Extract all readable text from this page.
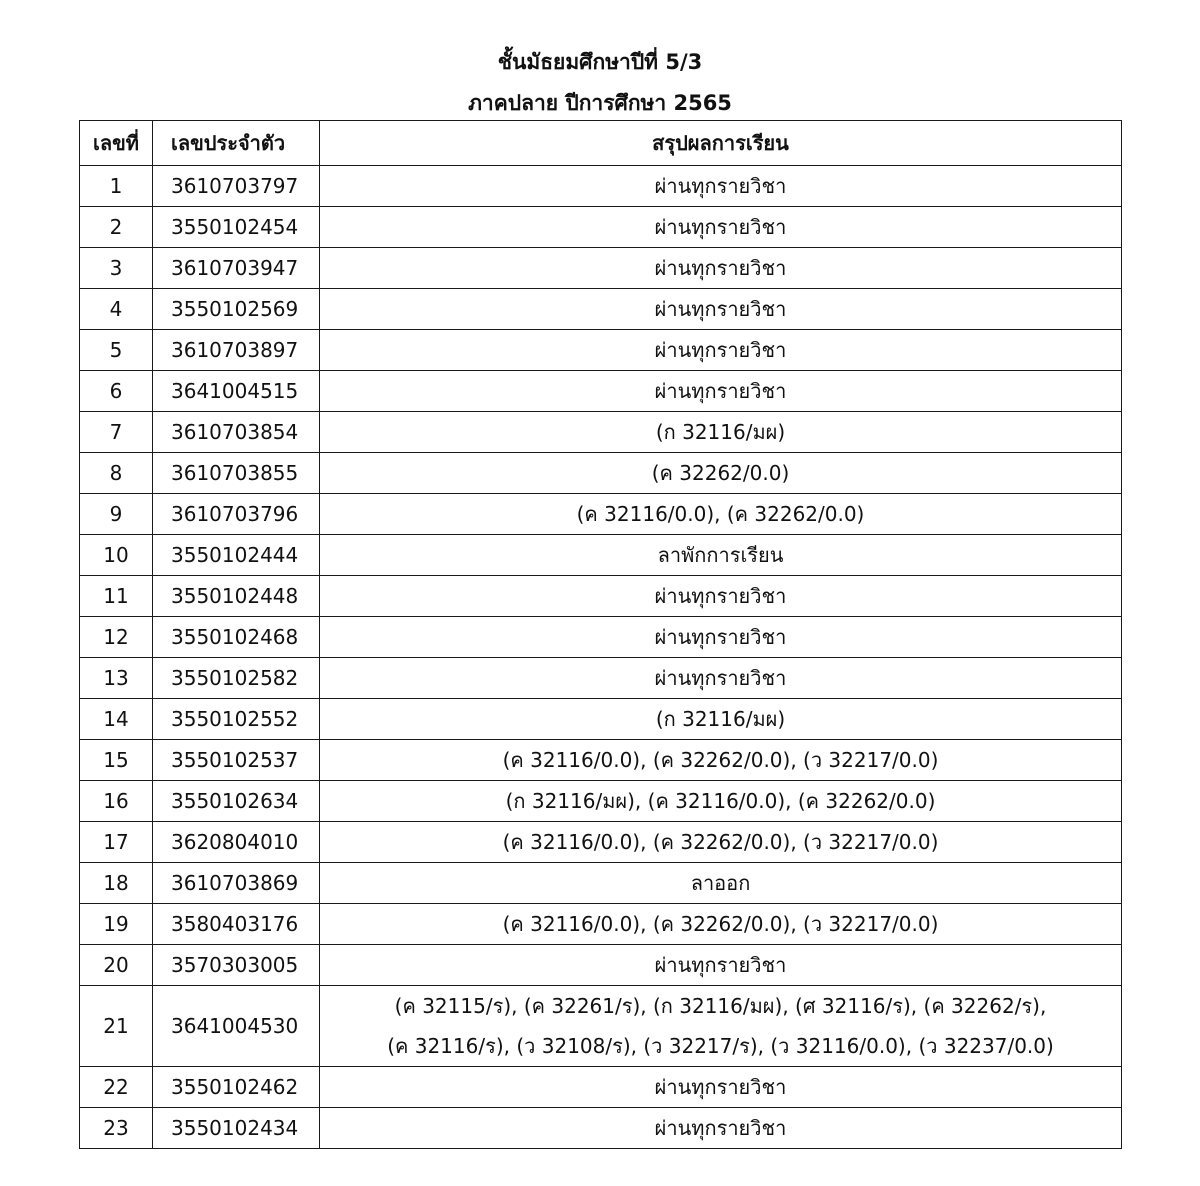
ชั้นมัธยมศึกษาปีที่ 5/3
ภาคปลาย ปีการศึกษา 2565
เลขที่	เลขประจำตัว	สรุปผลการเรียน
1	3610703797	ผ่านทุกรายวิชา

2	3550102454	ผ่านทุกรายวิชา

3	3610703947	ผ่านทุกรายวิชา

4	3550102569	ผ่านทุกรายวิชา

5	3610703897	ผ่านทุกรายวิชา

6	3641004515	ผ่านทุกรายวิชา

7	3610703854	(ก 32116/มผ)

8	3610703855	(ค 32262/0.0)

9	3610703796	(ค 32116/0.0), (ค 32262/0.0)

10	3550102444	ลาพักการเรียน

11	3550102448	ผ่านทุกรายวิชา

12	3550102468	ผ่านทุกรายวิชา

13	3550102582	ผ่านทุกรายวิชา

14	3550102552	(ก 32116/มผ)

15	3550102537	(ค 32116/0.0), (ค 32262/0.0), (ว 32217/0.0)

16	3550102634	(ก 32116/มผ), (ค 32116/0.0), (ค 32262/0.0)

17	3620804010	(ค 32116/0.0), (ค 32262/0.0), (ว 32217/0.0)

18	3610703869	ลาออก

19	3580403176	(ค 32116/0.0), (ค 32262/0.0), (ว 32217/0.0)

20	3570303005	ผ่านทุกรายวิชา

21	3641004530	(ค 32115/ร), (ค 32261/ร), (ก 32116/มผ), (ศ 32116/ร), (ค 32262/ร),
(ค 32116/ร), (ว 32108/ร), (ว 32217/ร), (ว 32116/0.0), (ว 32237/0.0)

22	3550102462	ผ่านทุกรายวิชา

23	3550102434	ผ่านทุกรายวิชา
